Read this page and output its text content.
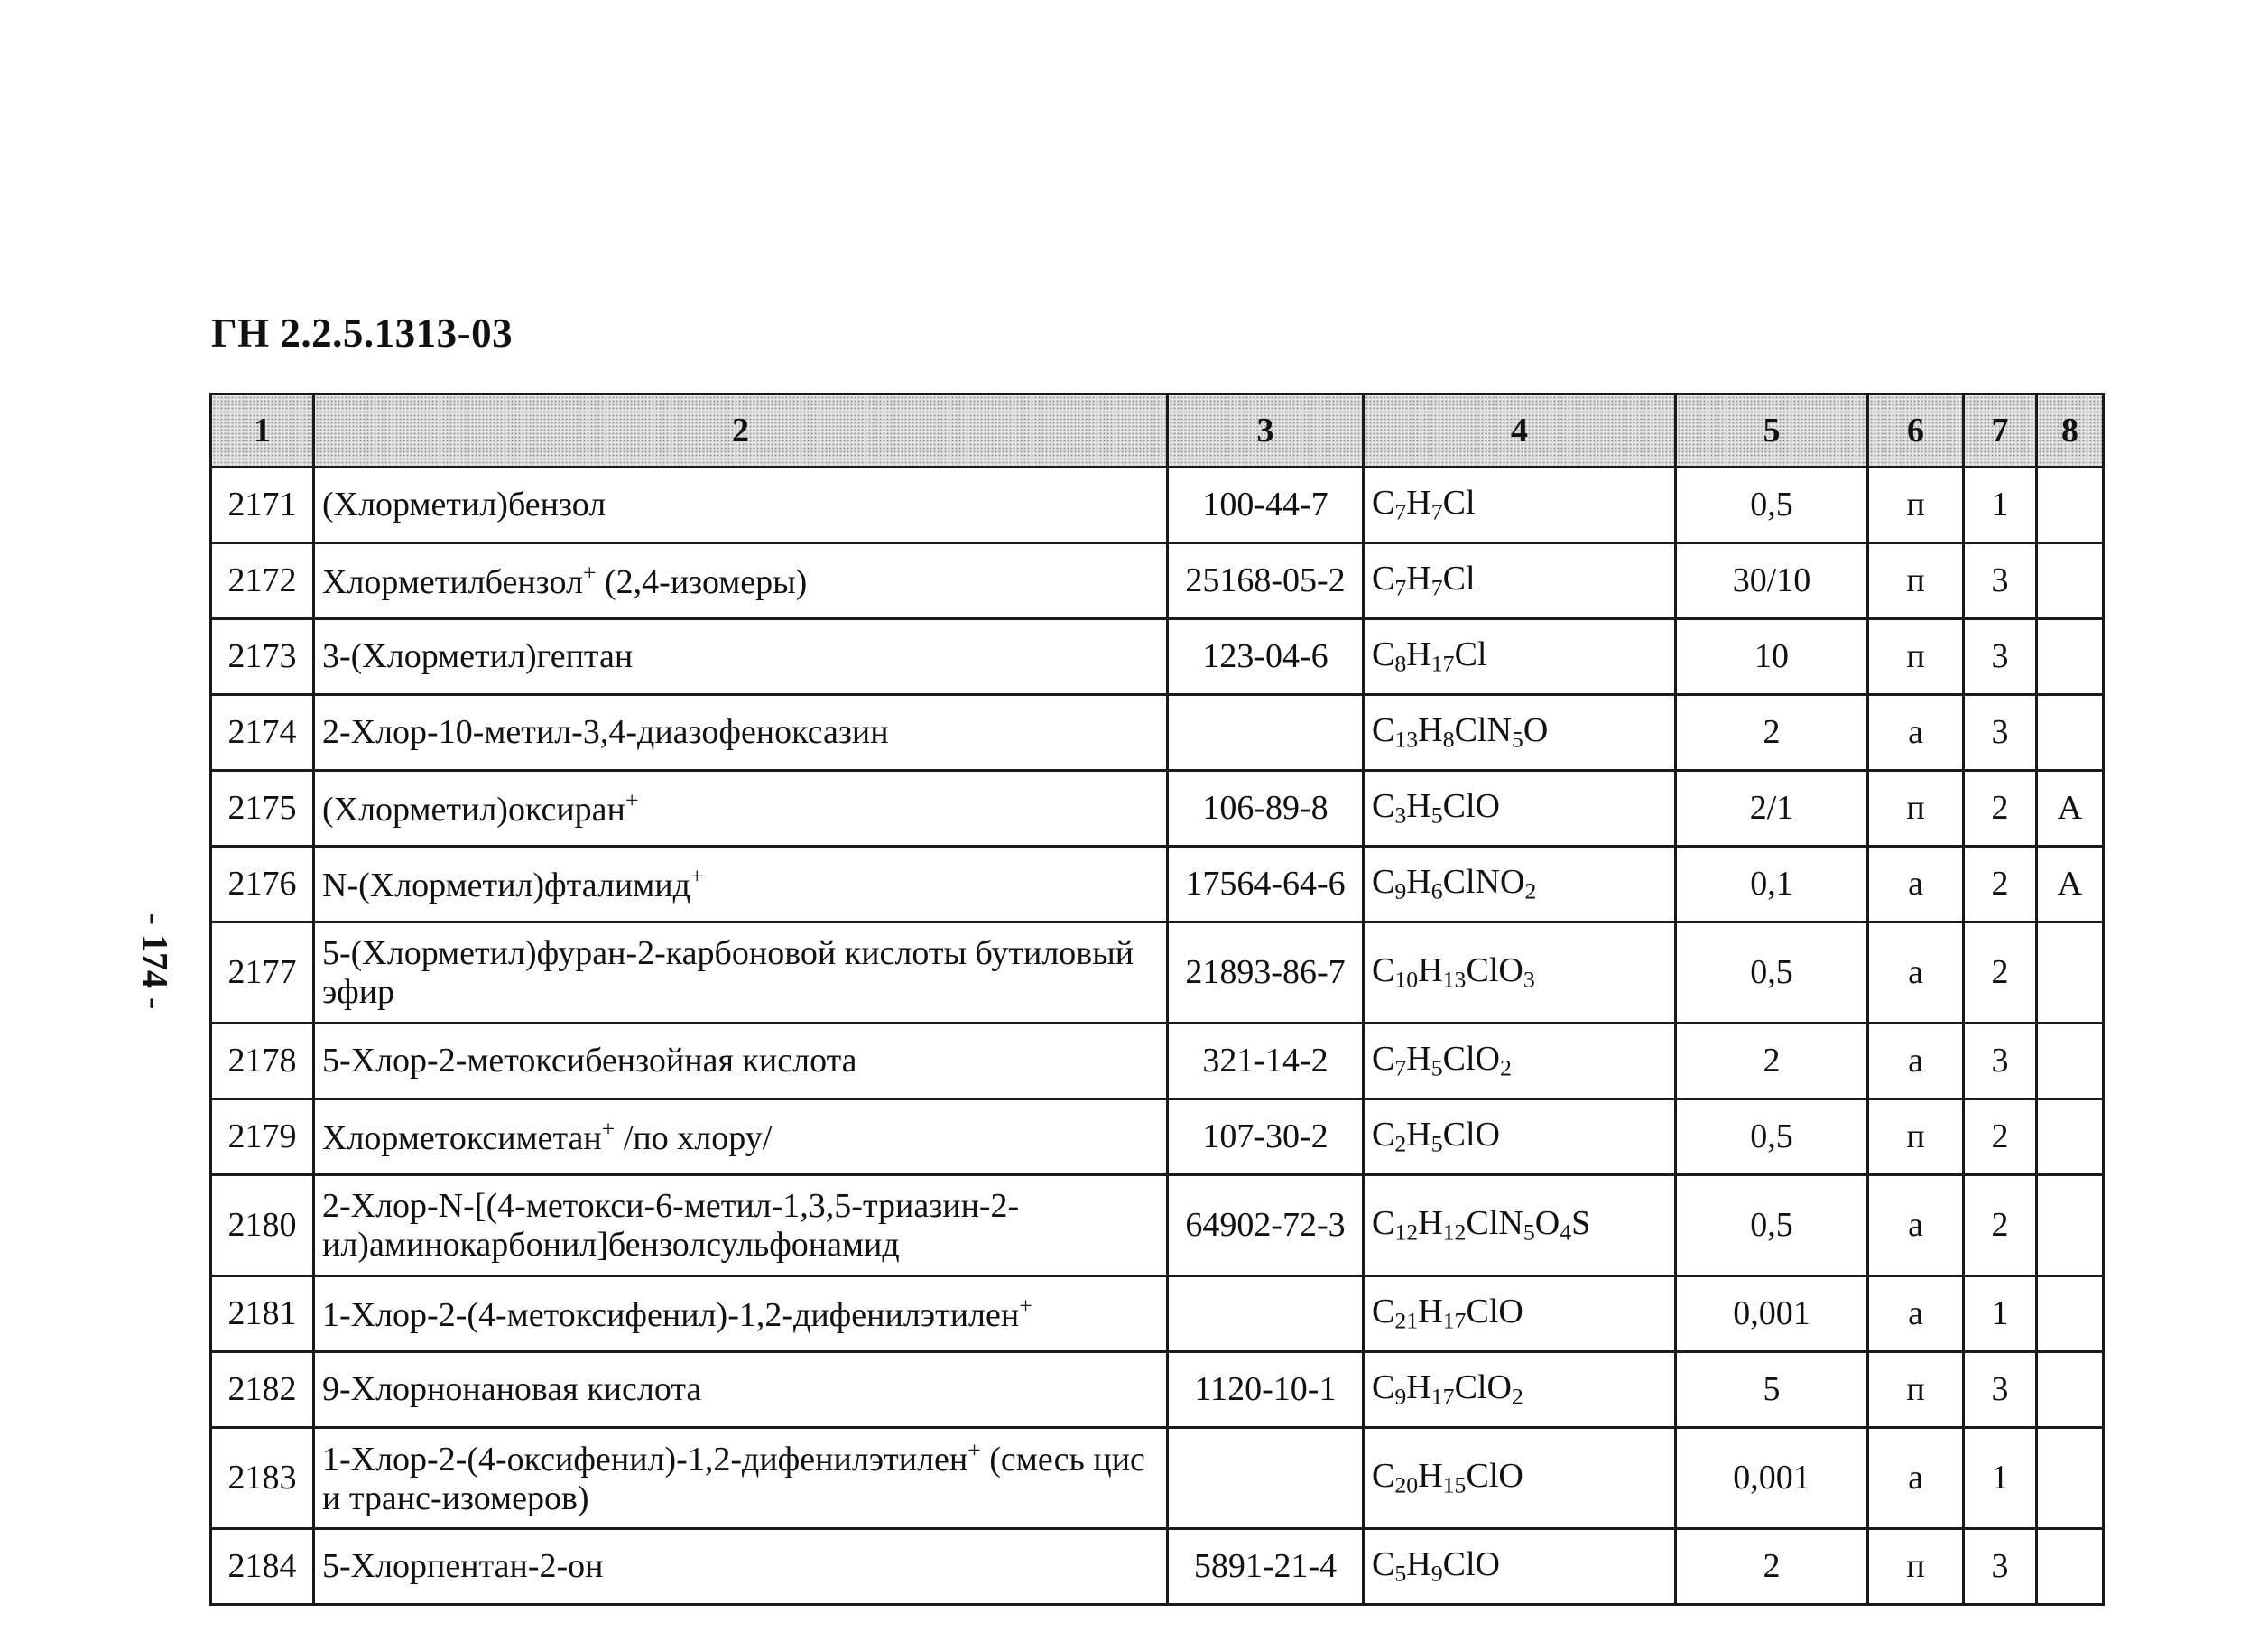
ГН 2.2.5.1313-03
- 174 -
1	2	3	4	5	6	7	8
2171	(Хлорметил)бензол	100-44-7	$C_7H_7Cl$	0,5	п	1	
2172	Хлорметилбензол+ (2,4-изомеры)	25168-05-2	$C_7H_7Cl$	30/10	п	3	
2173	3-(Хлорметил)гептан	123-04-6	$C_8H_{17}Cl$	10	п	3	
2174	2-Хлор-10-метил-3,4-диазофеноксазин		$C_{13}H_8ClN_5O$	2	а	3	
2175	(Хлорметил)оксиран+	106-89-8	$C_3H_5ClO$	2/1	п	2	А
2176	N-(Хлорметил)фталимид+	17564-64-6	$C_9H_6ClNO_2$	0,1	а	2	А
2177	5-(Хлорметил)фуран-2-карбоновой кислоты бутиловый эфир	21893-86-7	$C_{10}H_{13}ClO_3$	0,5	а	2	
2178	5-Хлор-2-метоксибензойная кислота	321-14-2	$C_7H_5ClO_2$	2	а	3	
2179	Хлорметоксиметан+ /по хлору/	107-30-2	$C_2H_5ClO$	0,5	п	2	
2180	2-Хлор-N-[(4-метокси-6-метил-1,3,5-триазин-2-ил)аминокарбонил]бензолсульфонамид	64902-72-3	$C_{12}H_{12}ClN_5O_4S$	0,5	а	2	
2181	1-Хлор-2-(4-метоксифенил)-1,2-дифенилэтилен+		$C_{21}H_{17}ClO$	0,001	а	1	
2182	9-Хлорнонановая кислота	1120-10-1	$C_9H_{17}ClO_2$	5	п	3	
2183	1-Хлор-2-(4-оксифенил)-1,2-дифенилэтилен+ (смесь цис и транс-изомеров)		$C_{20}H_{15}ClO$	0,001	а	1	
2184	5-Хлорпентан-2-он	5891-21-4	$C_5H_9ClO$	2	п	3	
